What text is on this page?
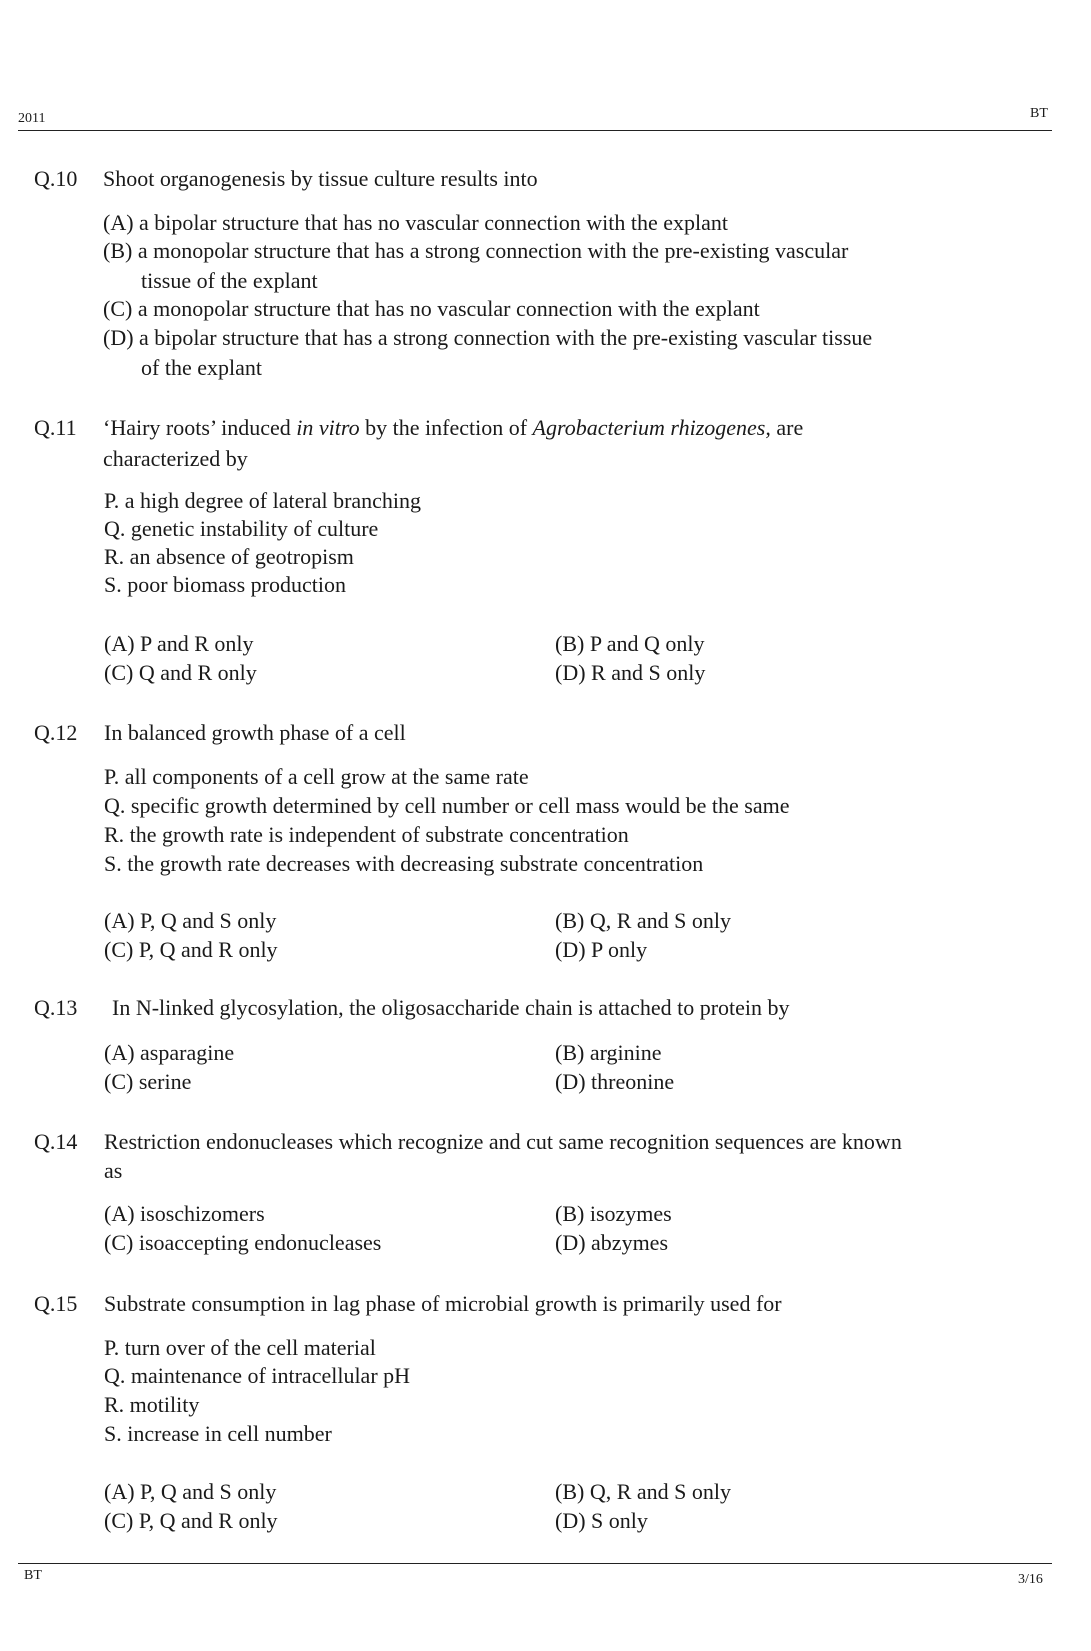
2011	BT
Q.10 Shoot organogenesis by tissue culture results into
(A) a bipolar structure that has no vascular connection with the explant
(B) a monopolar structure that has a strong connection with the pre-existing vascular
tissue of the explant
(C) a monopolar structure that has no vascular connection with the explant
(D) a bipolar structure that has a strong connection with the pre-existing vascular tissue
of the explant
Q.11 ‘Hairy roots’ induced in vitro by the infection of Agrobacterium rhizogenes, are
characterized by
P. a high degree of lateral branching
Q. genetic instability of culture
R. an absence of geotropism
S. poor biomass production
(A) P and R only	(B) P and Q only
(C) Q and R only	(D) R and S only
Q.12 In balanced growth phase of a cell
P. all components of a cell grow at the same rate
Q. specific growth determined by cell number or cell mass would be the same
R. the growth rate is independent of substrate concentration
S. the growth rate decreases with decreasing substrate concentration
(A) P, Q and S only	(B) Q, R and S only
(C) P, Q and R only	(D) P only
Q.13 In N-linked glycosylation, the oligosaccharide chain is attached to protein by
(A) asparagine	(B) arginine
(C) serine	(D) threonine
Q.14 Restriction endonucleases which recognize and cut same recognition sequences are known
as
(A) isoschizomers	(B) isozymes
(C) isoaccepting endonucleases	(D) abzymes
Q.15 Substrate consumption in lag phase of microbial growth is primarily used for
P. turn over of the cell material
Q. maintenance of intracellular pH
R. motility
S. increase in cell number
(A) P, Q and S only	(B) Q, R and S only
(C) P, Q and R only	(D) S only
BT	3/16
